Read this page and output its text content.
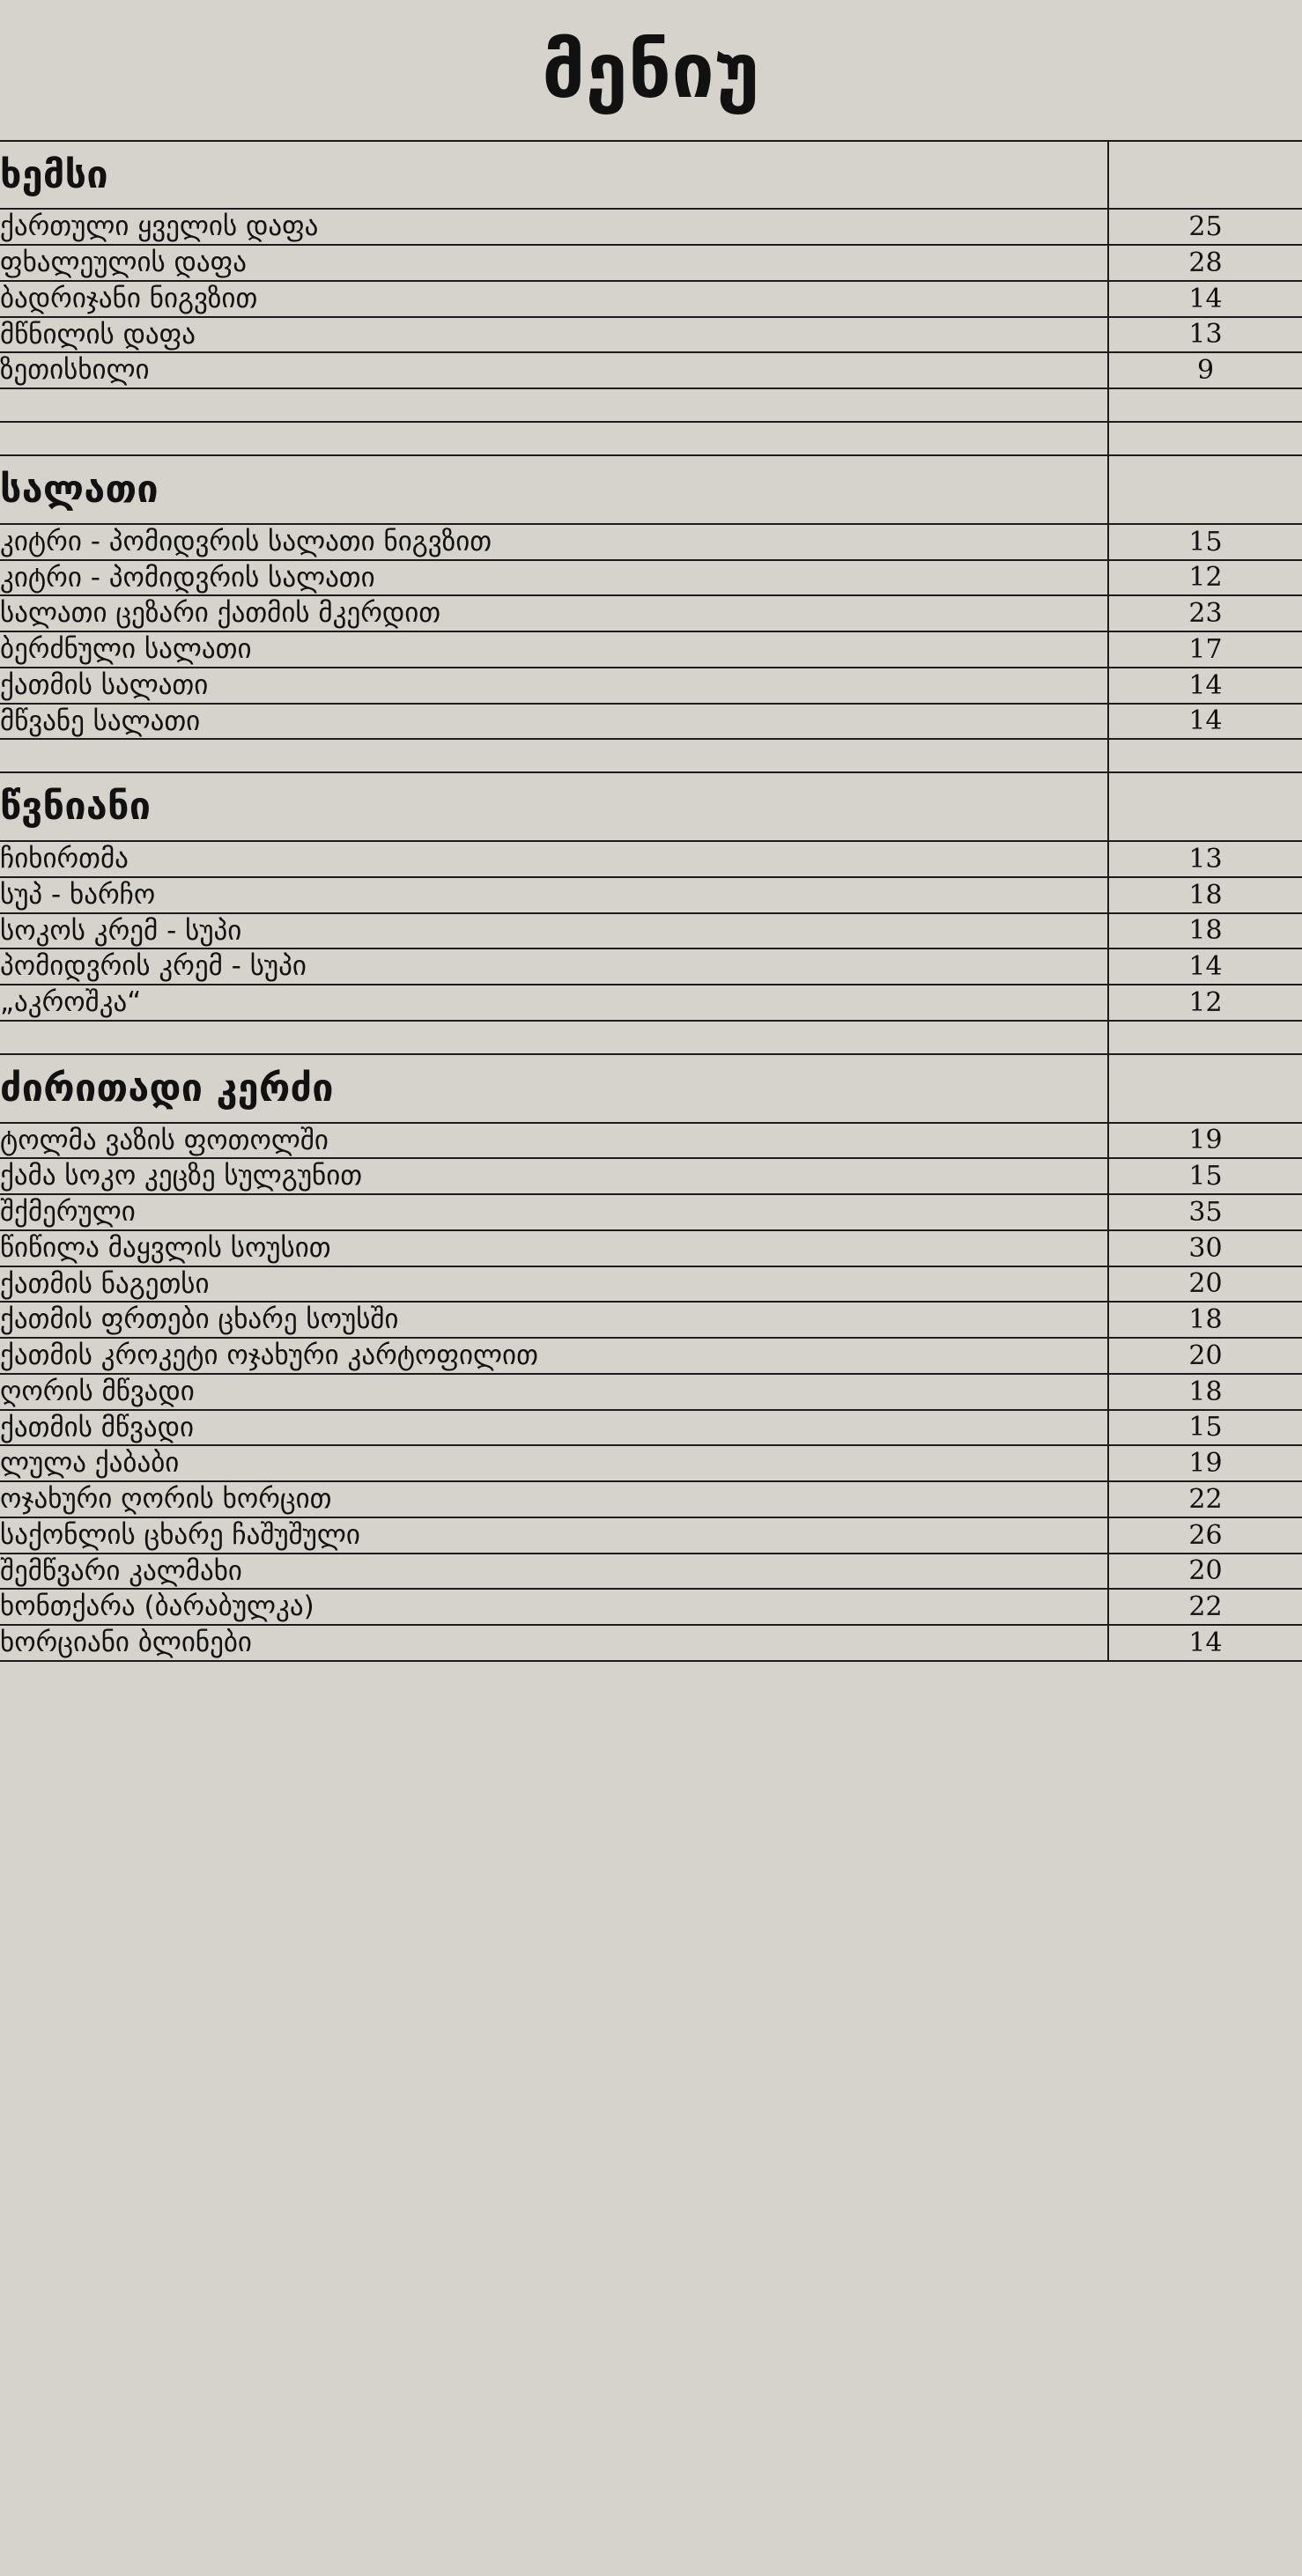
მენიუ
ხემსი	
ქართული ყველის დაფა	25
ფხალეულის დაფა	28
ბადრიჯანი ნიგვზით	14
მწნილის დაფა	13
ზეთისხილი	9

სალათი	
კიტრი - პომიდვრის სალათი ნიგვზით	15
კიტრი - პომიდვრის სალათი	12
სალათი ცეზარი ქათმის მკერდით	23
ბერძნული სალათი	17
ქათმის სალათი	14
მწვანე სალათი	14

წვნიანი	
ჩიხირთმა	13
სუპ - ხარჩო	18
სოკოს კრემ - სუპი	18
პომიდვრის კრემ - სუპი	14
„აკროშკა“	12

ძირითადი კერძი	
ტოლმა ვაზის ფოთოლში	19
ქამა სოკო კეცზე სულგუნით	15
შქმერული	35
წიწილა მაყვლის სოუსით	30
ქათმის ნაგეთსი	20
ქათმის ფრთები ცხარე სოუსში	18
ქათმის კროკეტი ოჯახური კარტოფილით	20
ღორის მწვადი	18
ქათმის მწვადი	15
ლულა ქაბაბი	19
ოჯახური ღორის ხორცით	22
საქონლის ცხარე ჩაშუშული	26
შემწვარი კალმახი	20
ხონთქარა (ბარაბულკა)	22
ხორციანი ბლინები	14
